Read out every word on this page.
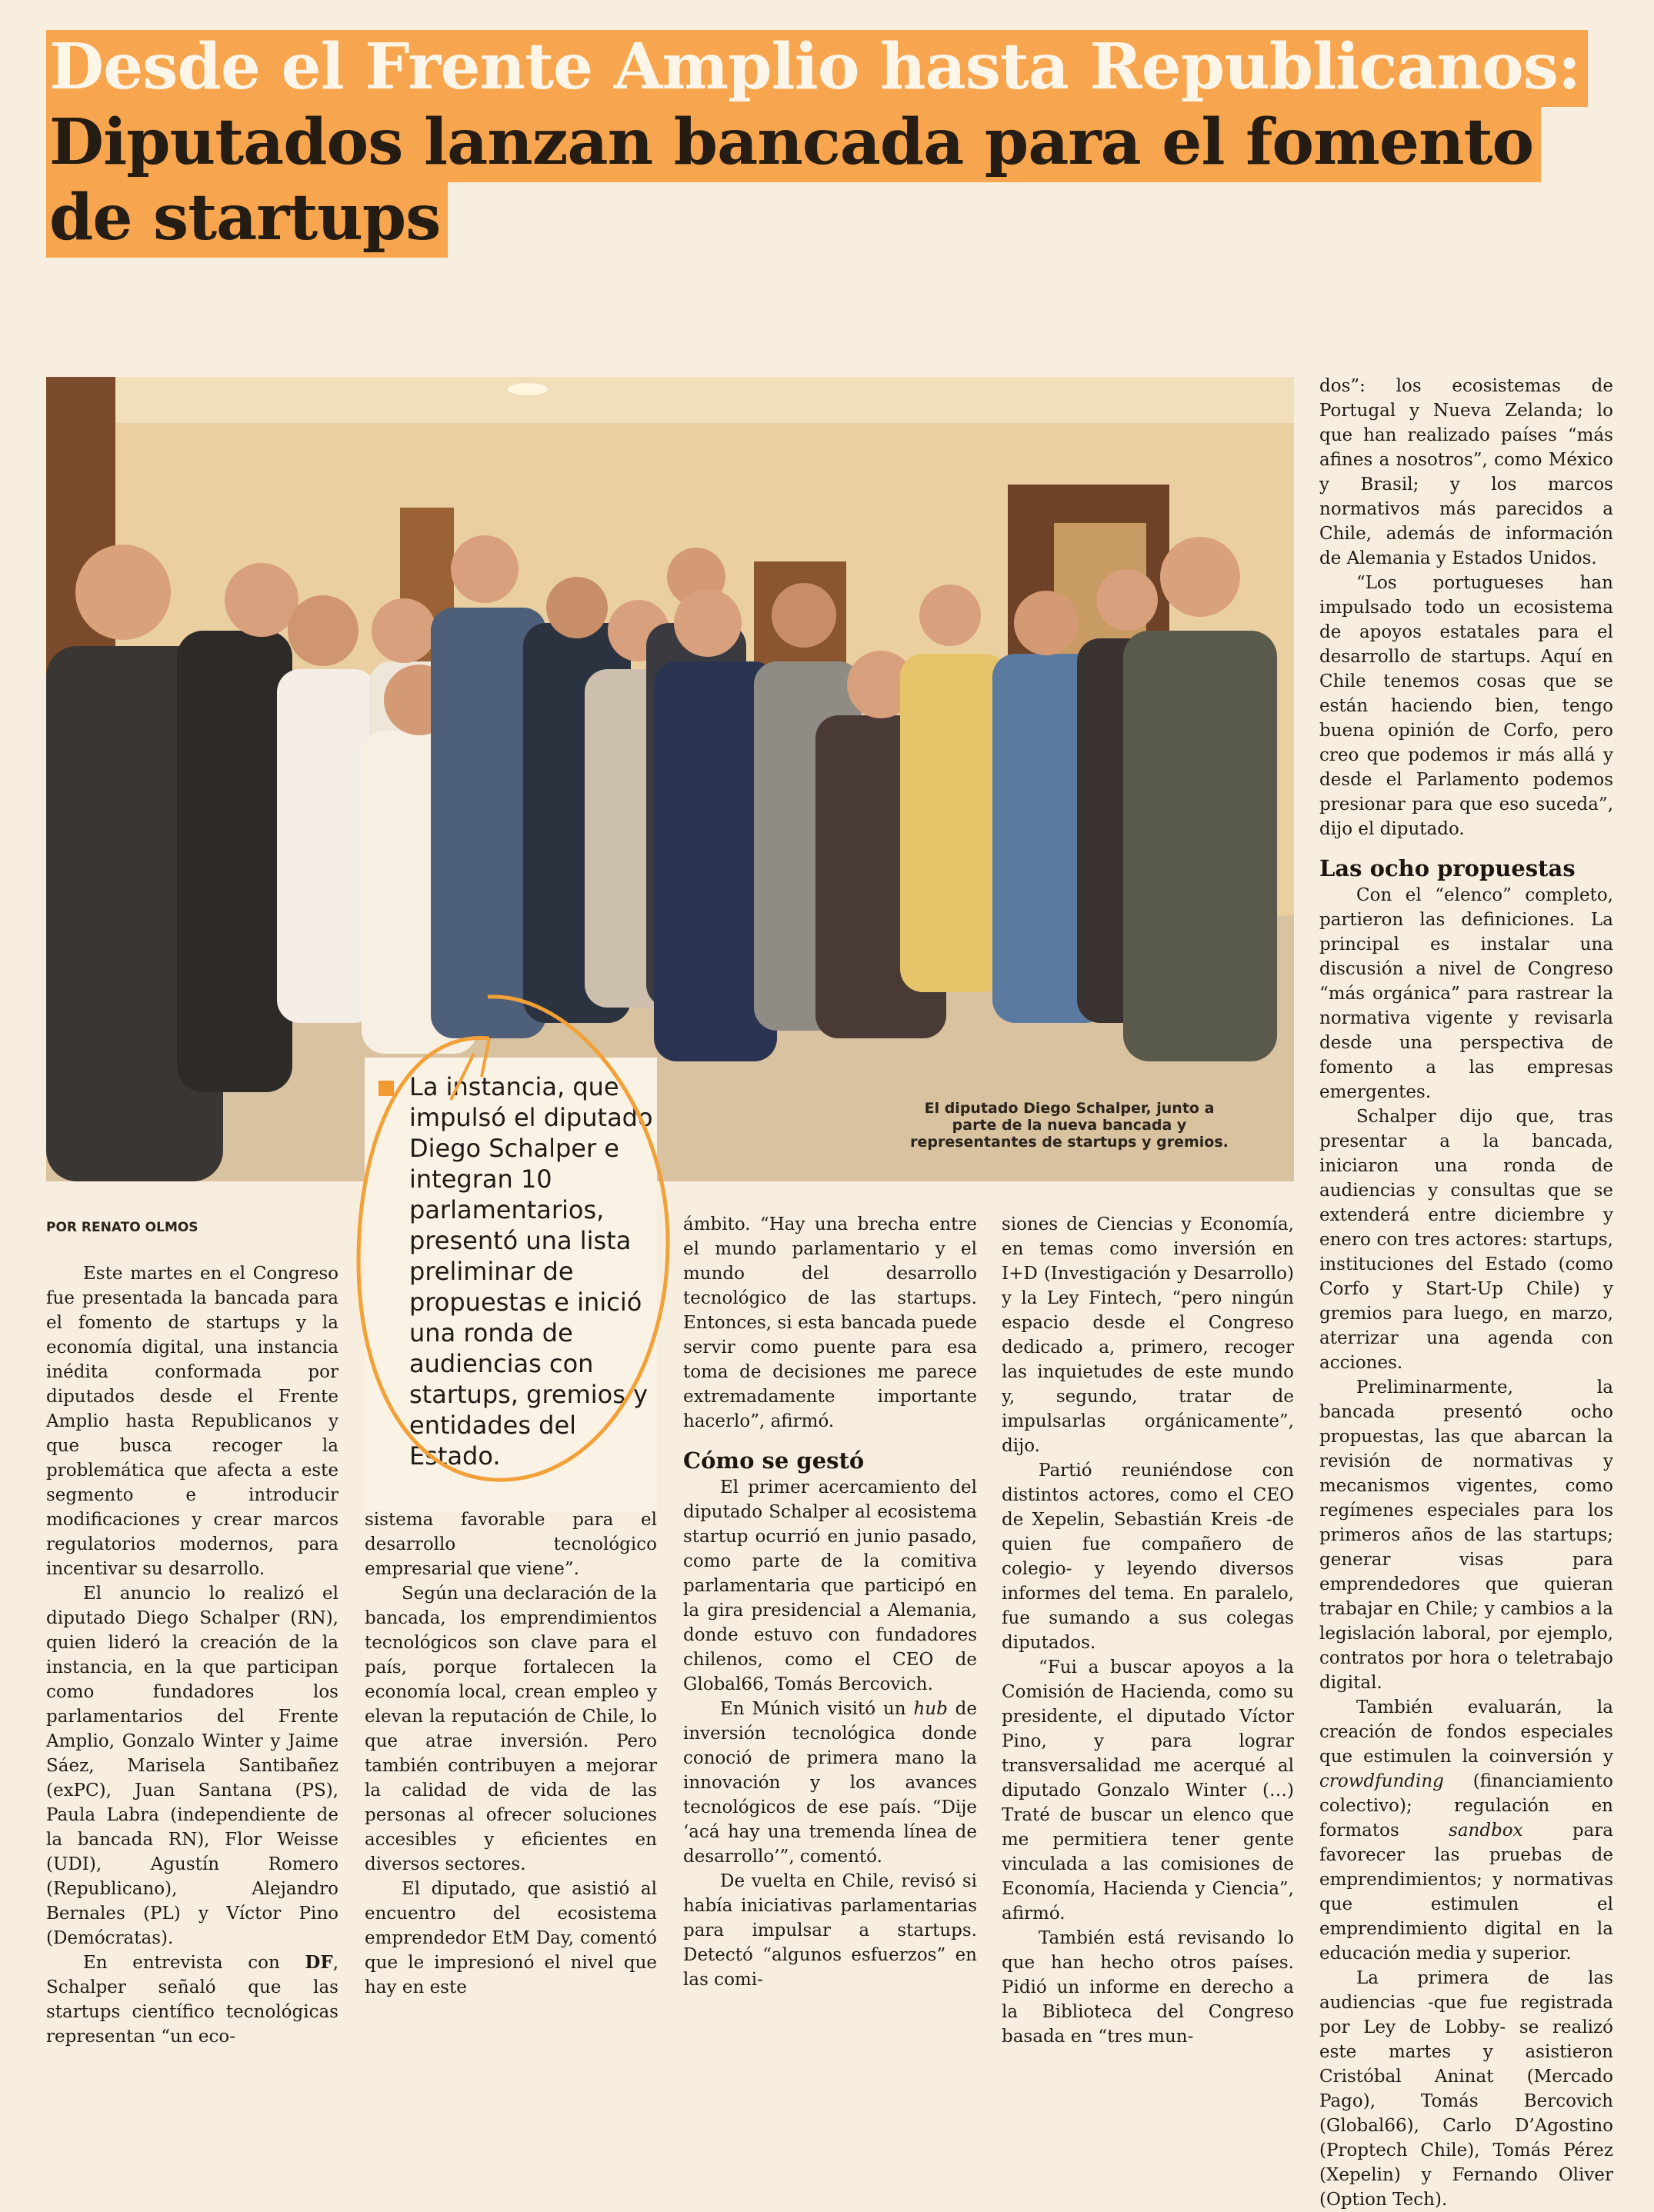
Desde el Frente Amplio hasta Republicanos: Diputados lanzan bancada para el fomento de startups
El diputado Diego Schalper, junto a parte de la nueva bancada y representantes de startups y gremios.

La instancia, que impulsó el diputado Diego Schalper e integran 10 parlamentarios, presentó una lista preliminar de propuestas e inició una ronda de audiencias con startups, gremios y entidades del Estado.

POR RENATO OLMOS

Este martes en el Congreso fue presentada la bancada para el fomento de startups y la economía digital, una instancia inédita conformada por diputados desde el Frente Amplio hasta Republicanos y que busca recoger la problemática que afecta a este segmento e introducir modificaciones y crear marcos regulatorios modernos, para incentivar su desarrollo.

El anuncio lo realizó el diputado Diego Schalper (RN), quien lideró la creación de la instancia, en la que participan como fundadores los parlamentarios del Frente Amplio, Gonzalo Winter y Jaime Sáez, Marisela Santibañez (exPC), Juan Santana (PS), Paula Labra (independiente de la bancada RN), Flor Weisse (UDI), Agustín Romero (Republicano), Alejandro Bernales (PL) y Víctor Pino (Demócratas).

En entrevista con DF, Schalper señaló que las startups científico tecnológicas representan “un eco-

sistema favorable para el desarrollo tecnológico empresarial que viene”.

Según una declaración de la bancada, los emprendimientos tecnológicos son clave para el país, porque fortalecen la economía local, crean empleo y elevan la reputación de Chile, lo que atrae inversión. Pero también contribuyen a mejorar la calidad de vida de las personas al ofrecer soluciones accesibles y eficientes en diversos sectores.

El diputado, que asistió al encuentro del ecosistema emprendedor EtM Day, comentó que le impresionó el nivel que hay en este

ámbito. “Hay una brecha entre el mundo parlamentario y el mundo del desarrollo tecnológico de las startups. Entonces, si esta bancada puede servir como puente para esa toma de decisiones me parece extremadamente importante hacerlo”, afirmó.

Cómo se gestó

El primer acercamiento del diputado Schalper al ecosistema startup ocurrió en junio pasado, como parte de la comitiva parlamentaria que participó en la gira presidencial a Alemania, donde estuvo con fundadores chilenos, como el CEO de Global66, Tomás Bercovich.

En Múnich visitó un hub de inversión tecnológica donde conoció de primera mano la innovación y los avances tecnológicos de ese país. “Dije ‘acá hay una tremenda línea de desarrollo’”, comentó.

De vuelta en Chile, revisó si había iniciativas parlamentarias para impulsar a startups. Detectó “algunos esfuerzos” en las comi-

siones de Ciencias y Economía, en temas como inversión en I+D (Investigación y Desarrollo) y la Ley Fintech, “pero ningún espacio desde el Congreso dedicado a, primero, recoger las inquietudes de este mundo y, segundo, tratar de impulsarlas orgánicamente”, dijo.

Partió reuniéndose con distintos actores, como el CEO de Xepelin, Sebastián Kreis -de quien fue compañero de colegio- y leyendo diversos informes del tema. En paralelo, fue sumando a sus colegas diputados.

“Fui a buscar apoyos a la Comisión de Hacienda, como su presidente, el diputado Víctor Pino, y para lograr transversalidad me acerqué al diputado Gonzalo Winter (…) Traté de buscar un elenco que me permitiera tener gente vinculada a las comisiones de Economía, Hacienda y Ciencia”, afirmó.

También está revisando lo que han hecho otros países. Pidió un informe en derecho a la Biblioteca del Congreso basada en “tres mun-

dos”: los ecosistemas de Portugal y Nueva Zelanda; lo que han realizado países “más afines a nosotros”, como México y Brasil; y los marcos normativos más parecidos a Chile, además de información de Alemania y Estados Unidos.

“Los portugueses han impulsado todo un ecosistema de apoyos estatales para el desarrollo de startups. Aquí en Chile tenemos cosas que se están haciendo bien, tengo buena opinión de Corfo, pero creo que podemos ir más allá y desde el Parlamento podemos presionar para que eso suceda”, dijo el diputado.

Las ocho propuestas

Con el “elenco” completo, partieron las definiciones. La principal es instalar una discusión a nivel de Congreso “más orgánica” para rastrear la normativa vigente y revisarla desde una perspectiva de fomento a las empresas emergentes.

Schalper dijo que, tras presentar a la bancada, iniciaron una ronda de audiencias y consultas que se extenderá entre diciembre y enero con tres actores: startups, instituciones del Estado (como Corfo y Start-Up Chile) y gremios para luego, en marzo, aterrizar una agenda con acciones.

Preliminarmente, la bancada presentó ocho propuestas, las que abarcan la revisión de normativas y mecanismos vigentes, como regímenes especiales para los primeros años de las startups; generar visas para emprendedores que quieran trabajar en Chile; y cambios a la legislación laboral, por ejemplo, contratos por hora o teletrabajo digital.

También evaluarán, la creación de fondos especiales que estimulen la coinversión y crowdfunding (financiamiento colectivo); regulación en formatos sandbox para favorecer las pruebas de emprendimientos; y normativas que estimulen el emprendimiento digital en la educación media y superior.

La primera de las audiencias -que fue registrada por Ley de Lobby- se realizó este martes y asistieron Cristóbal Aninat (Mercado Pago), Tomás Bercovich (Global66), Carlo D’Agostino (Proptech Chile), Tomás Pérez (Xepelin) y Fernando Oliver (Option Tech).
